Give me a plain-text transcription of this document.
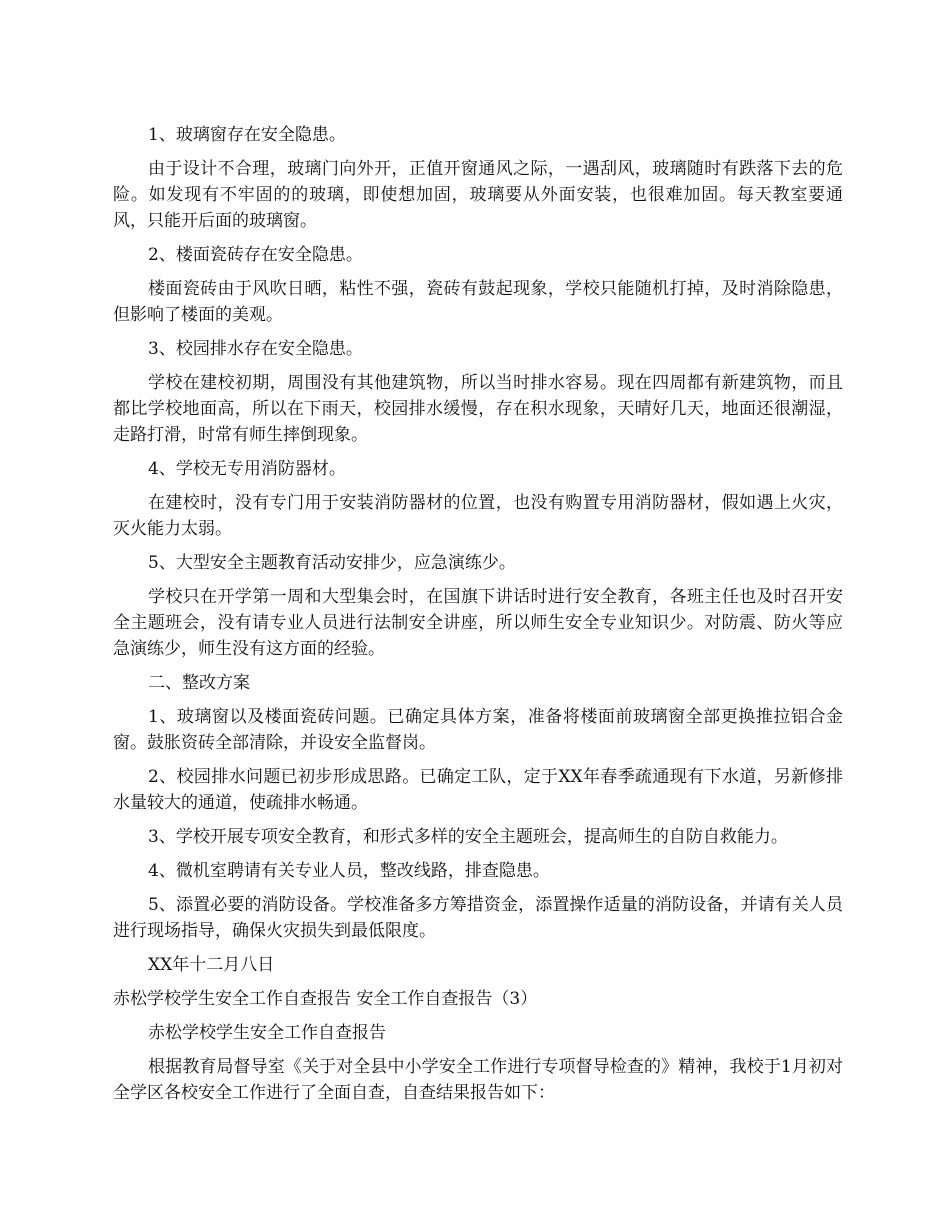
1、玻璃窗存在安全隐患。

由于设计不合理，玻璃门向外开，正值开窗通风之际，一遇刮风，玻璃随时有跌落下去的危险。如发现有不牢固的的玻璃，即使想加固，玻璃要从外面安装，也很难加固。每天教室要通风，只能开后面的玻璃窗。

2、楼面瓷砖存在安全隐患。

楼面瓷砖由于风吹日晒，粘性不强，瓷砖有鼓起现象，学校只能随机打掉，及时消除隐患，但影响了楼面的美观。

3、校园排水存在安全隐患。

学校在建校初期，周围没有其他建筑物，所以当时排水容易。现在四周都有新建筑物，而且都比学校地面高，所以在下雨天，校园排水缓慢，存在积水现象，天晴好几天，地面还很潮湿，走路打滑，时常有师生摔倒现象。

4、学校无专用消防器材。

在建校时，没有专门用于安装消防器材的位置，也没有购置专用消防器材，假如遇上火灾，灭火能力太弱。

5、大型安全主题教育活动安排少，应急演练少。

学校只在开学第一周和大型集会时，在国旗下讲话时进行安全教育，各班主任也及时召开安全主题班会，没有请专业人员进行法制安全讲座，所以师生安全专业知识少。对防震、防火等应急演练少，师生没有这方面的经验。

二、整改方案

1、玻璃窗以及楼面瓷砖问题。已确定具体方案，准备将楼面前玻璃窗全部更换推拉铝合金窗。鼓胀资砖全部清除，并设安全监督岗。

2、校园排水问题已初步形成思路。已确定工队，定于XX年春季疏通现有下水道，另新修排水量较大的通道，使疏排水畅通。

3、学校开展专项安全教育，和形式多样的安全主题班会，提高师生的自防自救能力。

4、微机室聘请有关专业人员，整改线路，排查隐患。

5、添置必要的消防设备。学校准备多方筹措资金，添置操作适量的消防设备，并请有关人员进行现场指导，确保火灾损失到最低限度。

XX年十二月八日

赤松学校学生安全工作自查报告 安全工作自查报告（3）

赤松学校学生安全工作自查报告

根据教育局督导室《关于对全县中小学安全工作进行专项督导检查的》精神，我校于1月初对全学区各校安全工作进行了全面自查，自查结果报告如下：
